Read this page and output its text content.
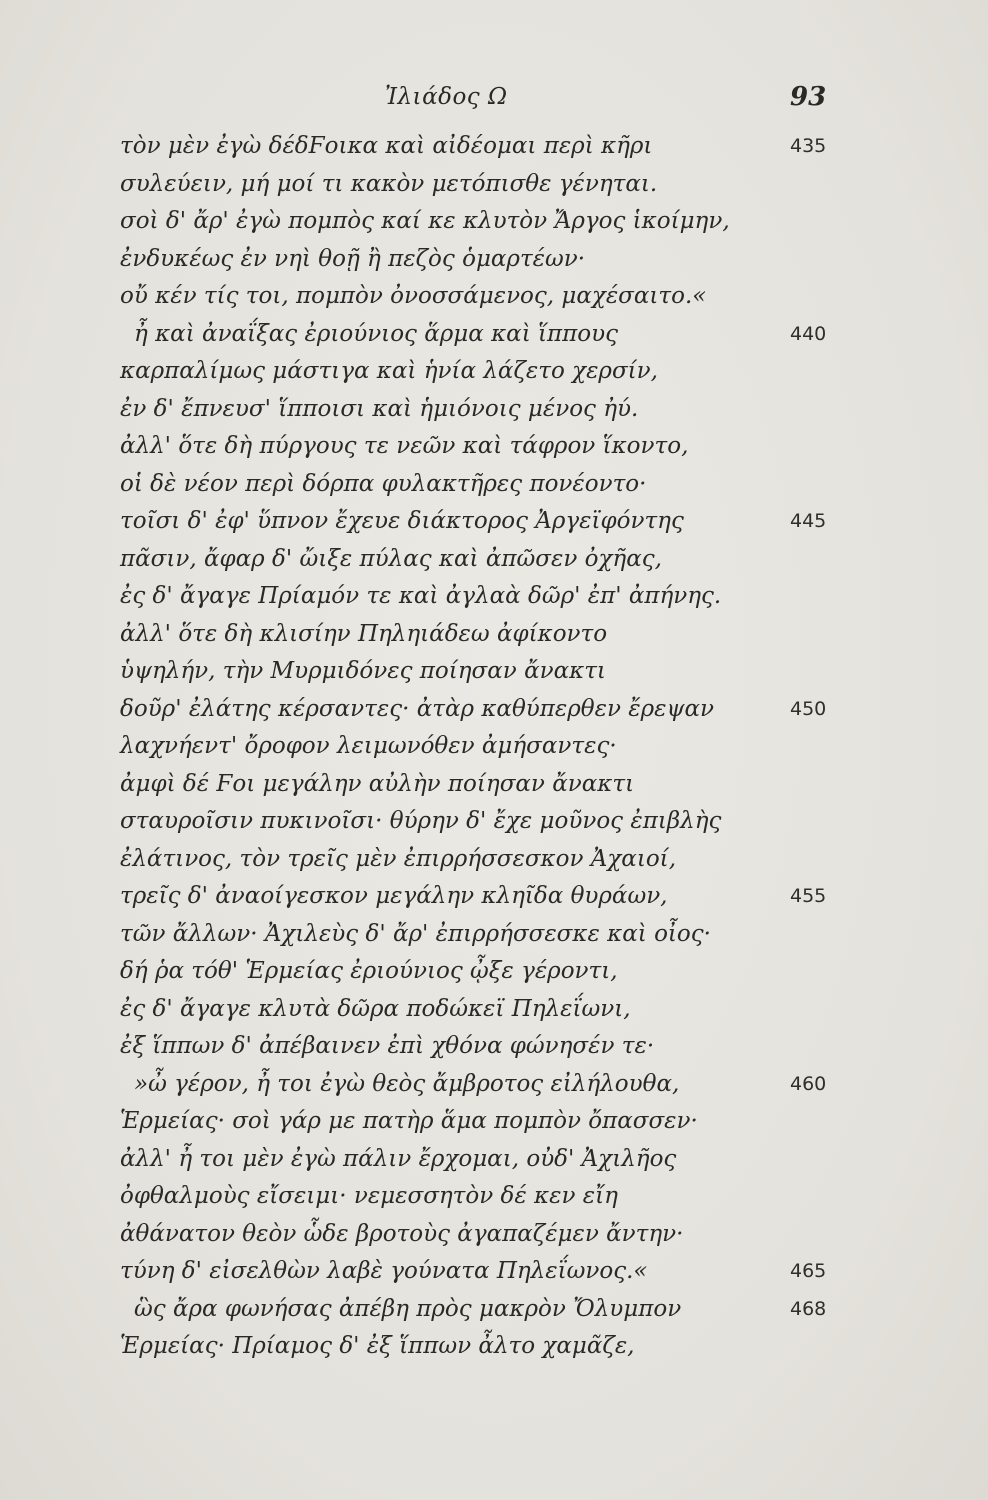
Ἰλιάδος Ω	93
τὸν μὲν ἐγὼ δέδϜοικα καὶ αἰδέομαι περὶ κῆρι	435
συλεύειν, μή μοί τι κακὸν μετόπισθε γένηται.
σοὶ δ' ἄρ' ἐγὼ πομπὸς καί κε κλυτὸν Ἄργος ἱκοίμην,
ἐνδυκέως ἐν νηὶ θοῇ ἢ πεζὸς ὁμαρτέων·
οὔ κέν τίς τοι, πομπὸν ὀνοσσάμενος, μαχέσαιτο.«
ἦ καὶ ἀναΐξας ἐριούνιος ἅρμα καὶ ἵππους	440
καρπαλίμως μάστιγα καὶ ἡνία λάζετο χερσίν,
ἐν δ' ἔπνευσ' ἵπποισι καὶ ἡμιόνοις μένος ἠύ.
ἀλλ' ὅτε δὴ πύργους τε νεῶν καὶ τάφρον ἵκοντο,
οἱ δὲ νέον περὶ δόρπα φυλακτῆρες πονέοντο·
τοῖσι δ' ἐφ' ὕπνον ἔχευε διάκτορος Ἀργεϊφόντης	445
πᾶσιν, ἄφαρ δ' ὤιξε πύλας καὶ ἀπῶσεν ὀχῆας,
ἐς δ' ἄγαγε Πρίαμόν τε καὶ ἀγλαὰ δῶρ' ἐπ' ἀπήνης.
ἀλλ' ὅτε δὴ κλισίην Πηληιάδεω ἀφίκοντο
ὑψηλήν, τὴν Μυρμιδόνες ποίησαν ἄνακτι
δοῦρ' ἐλάτης κέρσαντες· ἀτὰρ καθύπερθεν ἔρεψαν	450
λαχνήεντ' ὄροφον λειμωνόθεν ἀμήσαντες·
ἀμφὶ δέ Ϝοι μεγάλην αὐλὴν ποίησαν ἄνακτι
σταυροῖσιν πυκινοῖσι· θύρην δ' ἔχε μοῦνος ἐπιβλὴς
ἐλάτινος, τὸν τρεῖς μὲν ἐπιρρήσσεσκον Ἀχαιοί,
τρεῖς δ' ἀναοίγεσκον μεγάλην κληῖδα θυράων,	455
τῶν ἄλλων· Ἀχιλεὺς δ' ἄρ' ἐπιρρήσσεσκε καὶ οἶος·
δή ῥα τόθ' Ἑρμείας ἐριούνιος ᾦξε γέροντι,
ἐς δ' ἄγαγε κλυτὰ δῶρα ποδώκεϊ Πηλεΐωνι,
ἐξ ἵππων δ' ἀπέβαινεν ἐπὶ χθόνα φώνησέν τε·
»ὦ γέρον, ἦ τοι ἐγὼ θεὸς ἄμβροτος εἰλήλουθα,	460
Ἑρμείας· σοὶ γάρ με πατὴρ ἅμα πομπὸν ὄπασσεν·
ἀλλ' ἦ τοι μὲν ἐγὼ πάλιν ἔρχομαι, οὐδ' Ἀχιλῆος
ὀφθαλμοὺς εἴσειμι· νεμεσσητὸν δέ κεν εἴη
ἀθάνατον θεὸν ὧδε βροτοὺς ἀγαπαζέμεν ἄντην·
τύνη δ' εἰσελθὼν λαβὲ γούνατα Πηλεΐωνος.«	465
ὣς ἄρα φωνήσας ἀπέβη πρὸς μακρὸν Ὄλυμπον	468
Ἑρμείας· Πρίαμος δ' ἐξ ἵππων ἆλτο χαμᾶζε,
